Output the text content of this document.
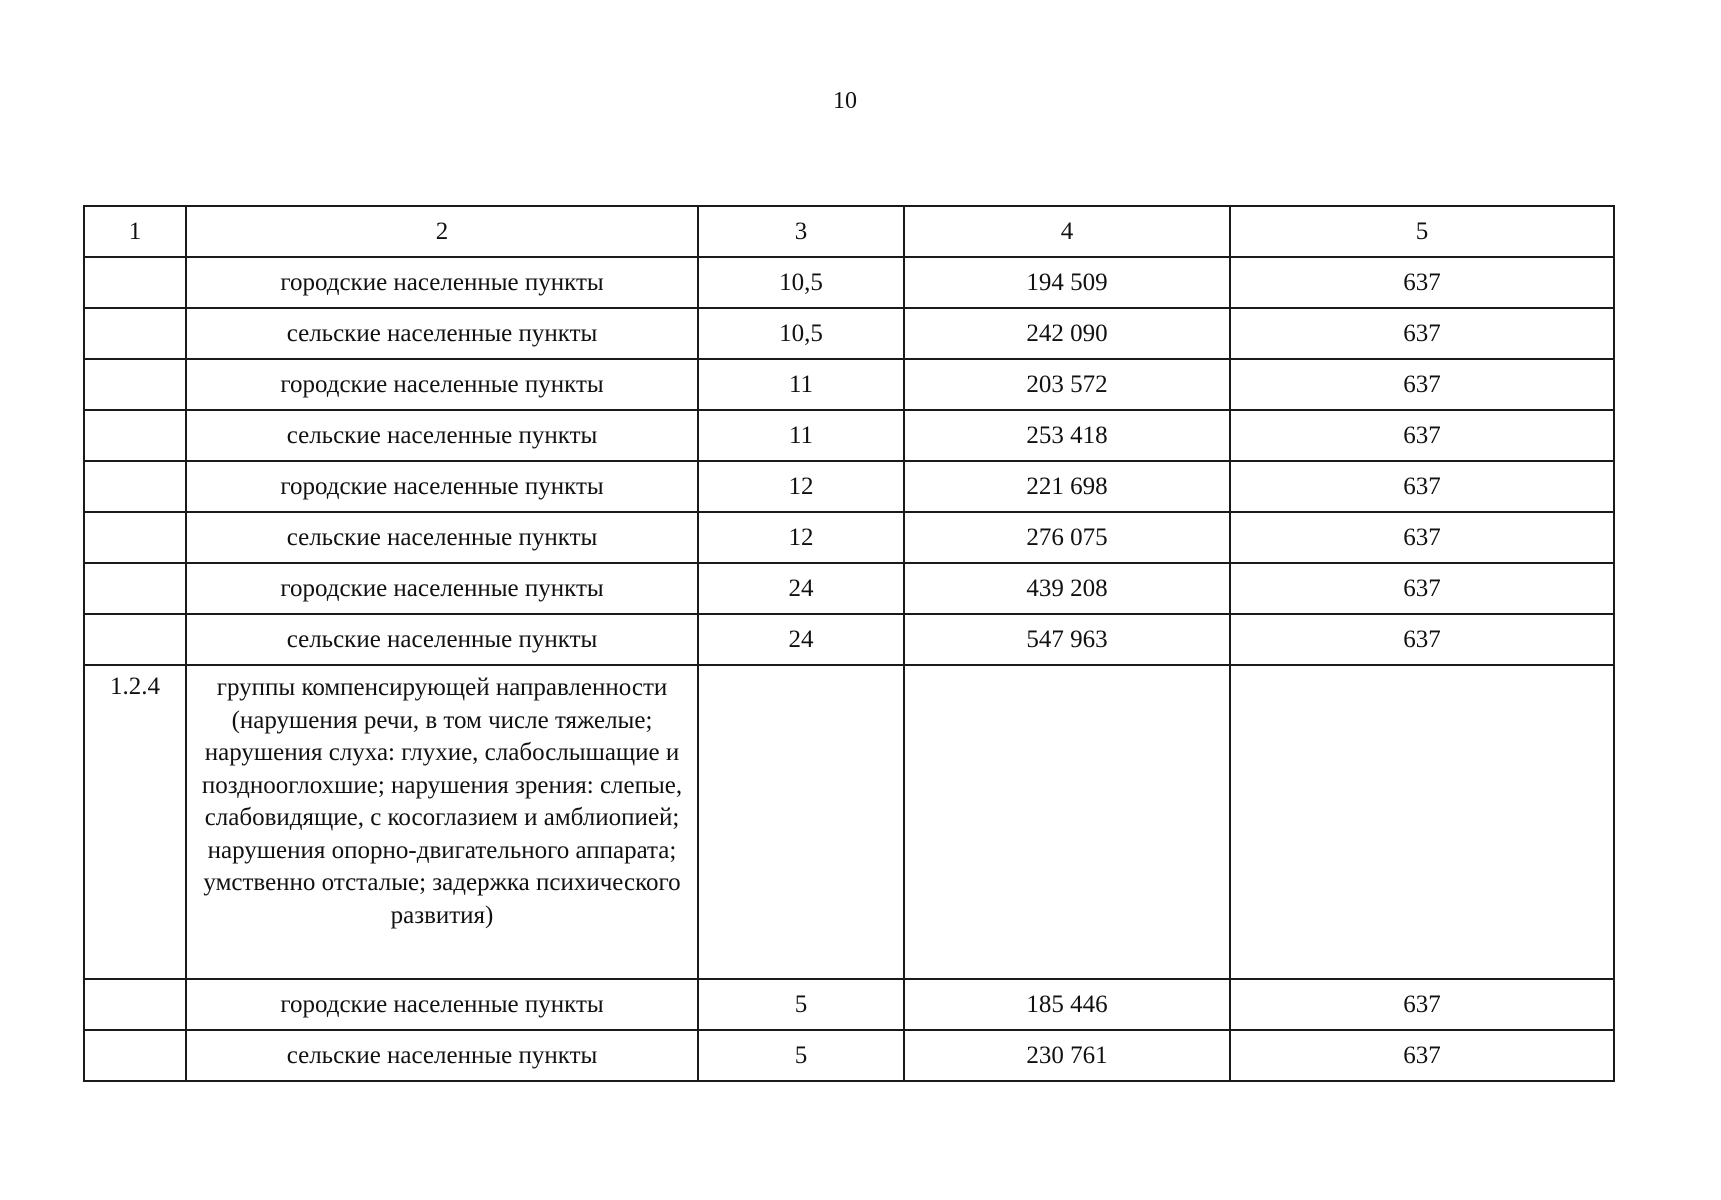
10
1	2	3	4	5
	городские населенные пункты	10,5	194 509	637
	сельские населенные пункты	10,5	242 090	637
	городские населенные пункты	11	203 572	637
	сельские населенные пункты	11	253 418	637
	городские населенные пункты	12	221 698	637
	сельские населенные пункты	12	276 075	637
	городские населенные пункты	24	439 208	637
	сельские населенные пункты	24	547 963	637
1.2.4	группы компенсирующей направленности (нарушения речи, в том числе тяжелые; нарушения слуха: глухие, слабослышащие и позднооглохшие; нарушения зрения: слепые, слабовидящие, с косоглазием и амблиопией; нарушения опорно-двигательного аппарата; умственно отсталые; задержка психического развития)			
	городские населенные пункты	5	185 446	637
	сельские населенные пункты	5	230 761	637
